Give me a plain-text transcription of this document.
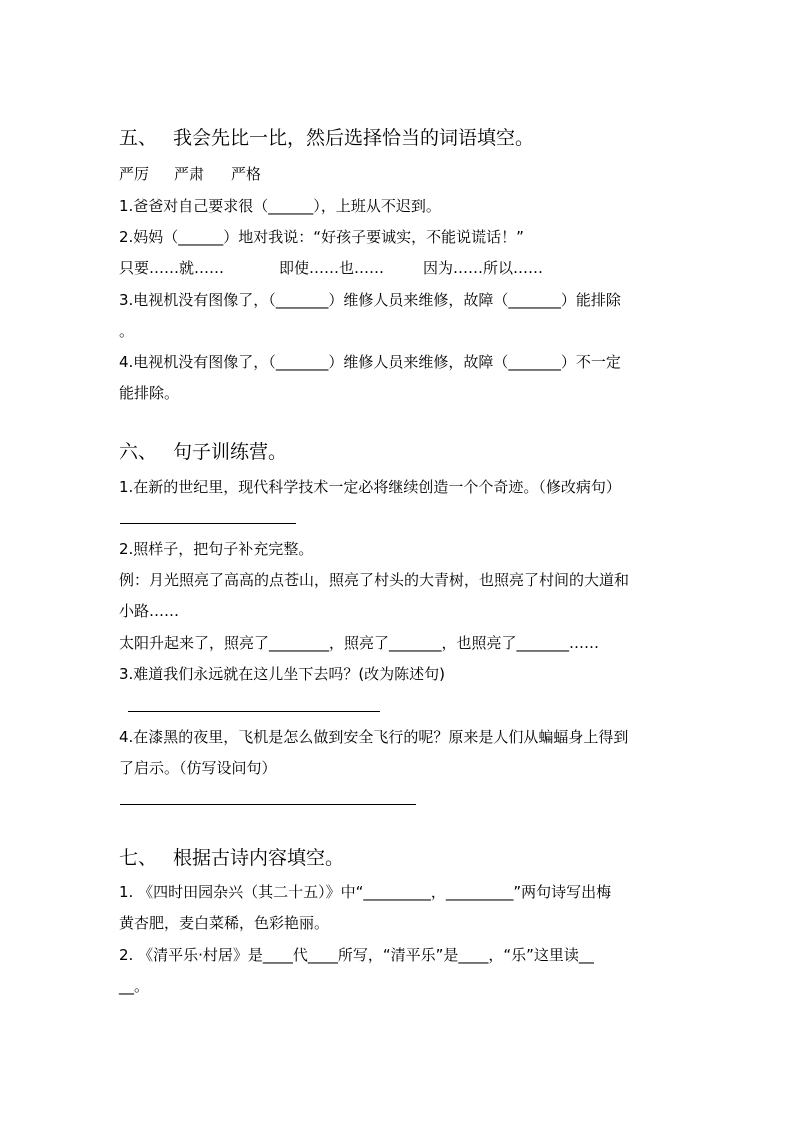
五、 我会先比一比，然后选择恰当的词语填空。
严厉 严肃 严格
1.爸爸对自己要求很（______），上班从不迟到。
2.妈妈（______）地对我说：“好孩子要诚实，不能说谎话！”
只要……就……	即使……也……	因为……所以……
3.电视机没有图像了，（_______）维修人员来维修，故障（_______）能排除
。
4.电视机没有图像了，（_______）维修人员来维修，故障（_______）不一定
能排除。
六、 句子训练营。
1.在新的世纪里，现代科学技术一定必将继续创造一个个奇迹。（修改病句）
2.照样子，把句子补充完整。
例：月光照亮了高高的点苍山，照亮了村头的大青树，也照亮了村间的大道和
小路……
太阳升起来了，照亮了________，照亮了_______，也照亮了_______……
3.难道我们永远就在这儿坐下去吗？(改为陈述句)
4.在漆黑的夜里，飞机是怎么做到安全飞行的呢？原来是人们从蝙蝠身上得到
了启示。（仿写设问句）
七、 根据古诗内容填空。
1. 《四时田园杂兴（其二十五）》中“_________，_________”两句诗写出梅
黄杏肥，麦白菜稀，色彩艳丽。
2. 《清平乐·村居》是____代____所写，“清平乐”是____，“乐”这里读__
__。
